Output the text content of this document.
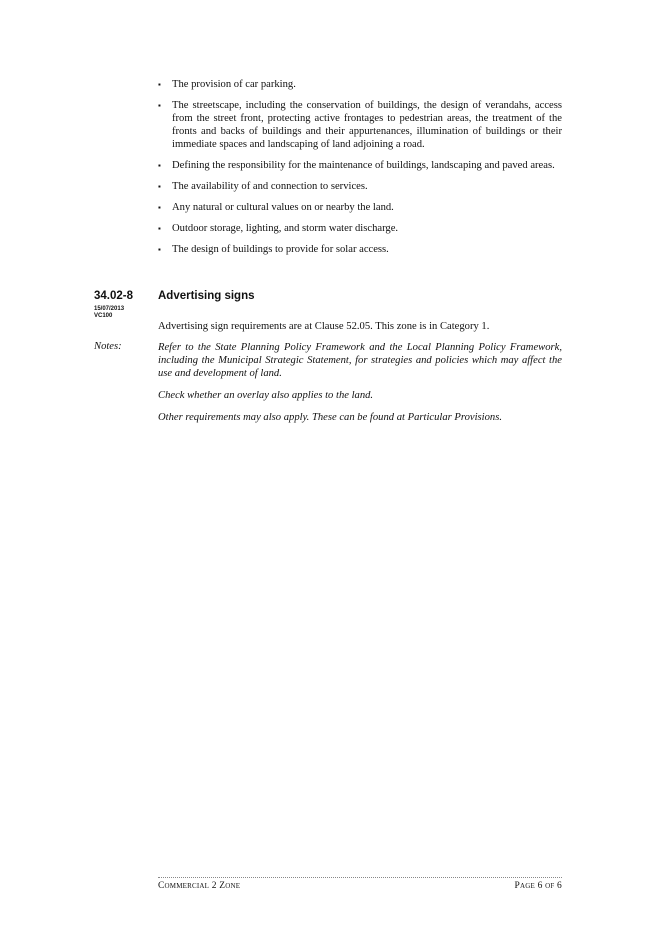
▪ The provision of car parking.
▪ The streetscape, including the conservation of buildings, the design of verandahs, access from the street front, protecting active frontages to pedestrian areas, the treatment of the fronts and backs of buildings and their appurtenances, illumination of buildings or their immediate spaces and landscaping of land adjoining a road.
▪ Defining the responsibility for the maintenance of buildings, landscaping and paved areas.
▪ The availability of and connection to services.
▪ Any natural or cultural values on or nearby the land.
▪ Outdoor storage, lighting, and storm water discharge.
▪ The design of buildings to provide for solar access.
34.02-8
15/07/2013
VC100
Advertising signs
Advertising sign requirements are at Clause 52.05. This zone is in Category 1.
Notes:	Refer to the State Planning Policy Framework and the Local Planning Policy Framework, including the Municipal Strategic Statement, for strategies and policies which may affect the use and development of land.

Check whether an overlay also applies to the land.

Other requirements may also apply. These can be found at Particular Provisions.

Commercial 2 Zone	Page 6 of 6
